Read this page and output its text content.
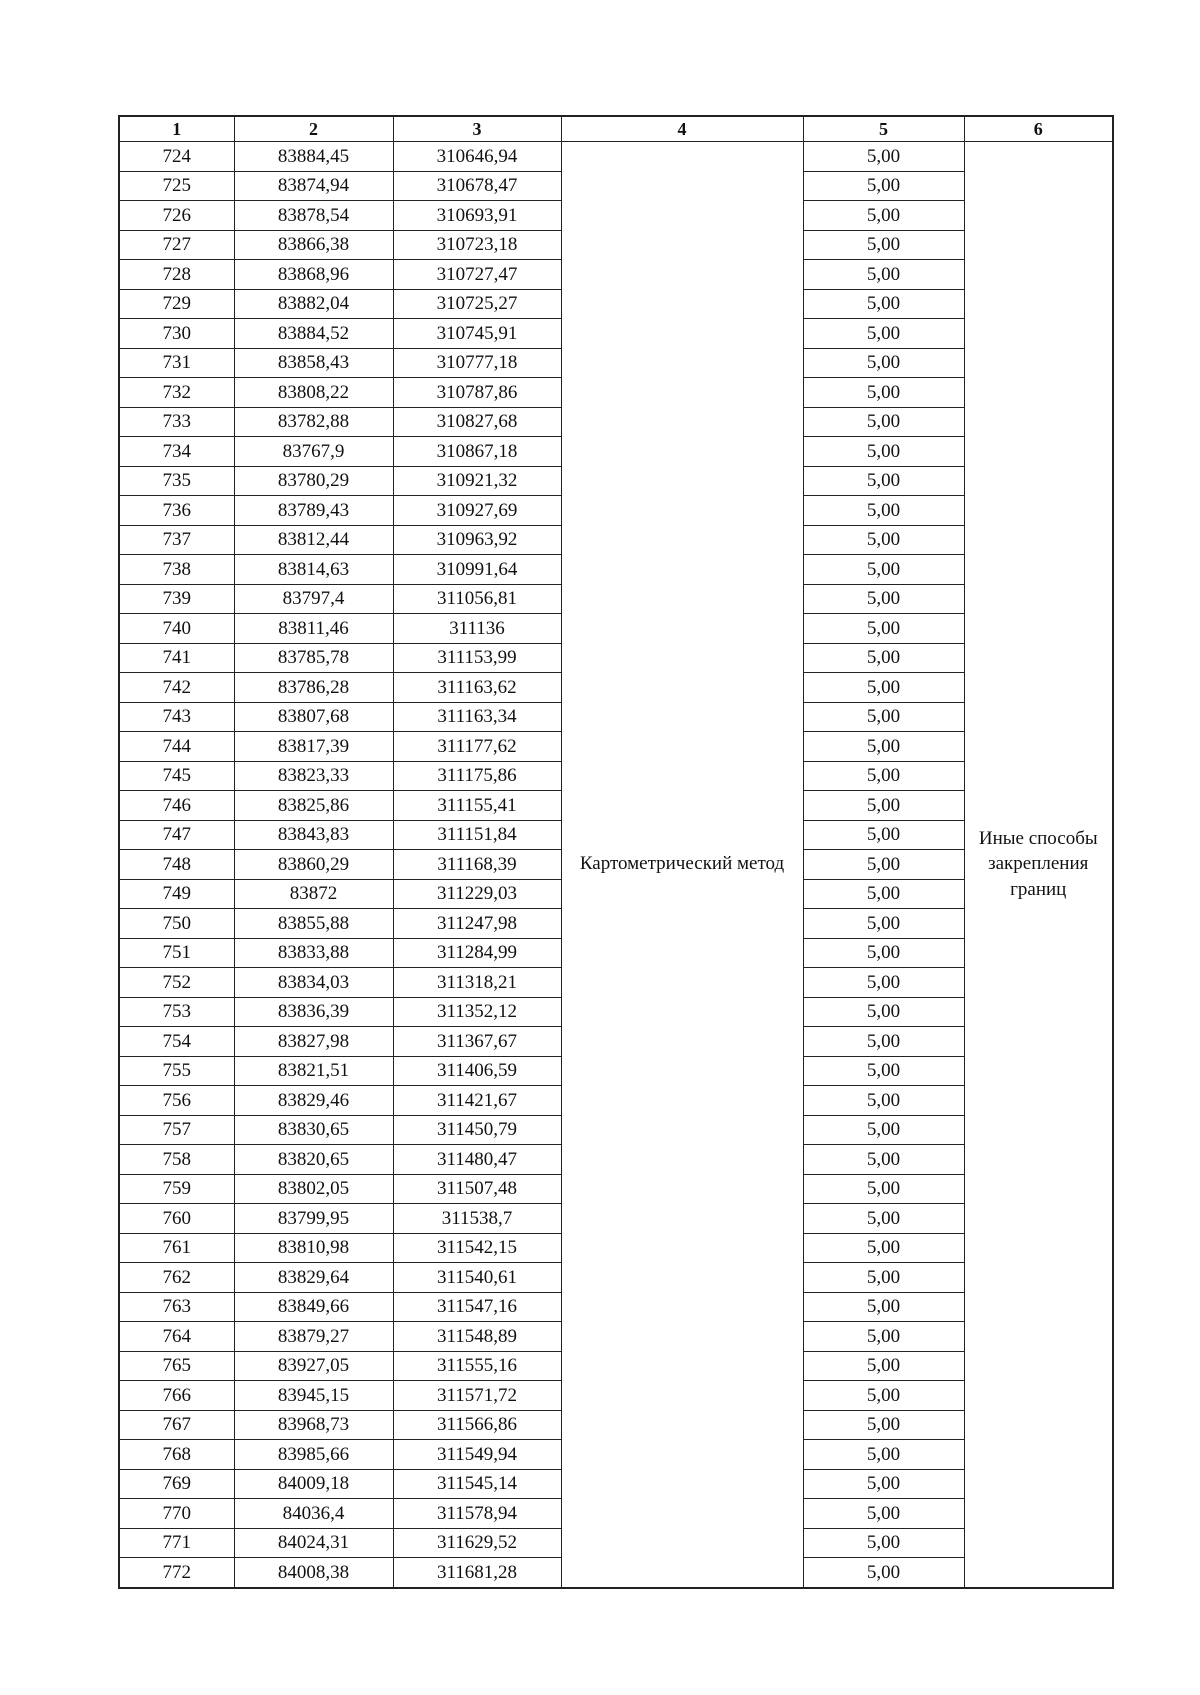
1	2	3	4	5	6
724	83884,45	310646,94	Картометрический метод	5,00	Иные способы закрепления границ
725	83874,94	310678,47		5,00	
726	83878,54	310693,91		5,00	
727	83866,38	310723,18		5,00	
728	83868,96	310727,47		5,00	
729	83882,04	310725,27		5,00	
730	83884,52	310745,91		5,00	
731	83858,43	310777,18		5,00	
732	83808,22	310787,86		5,00	
733	83782,88	310827,68		5,00	
734	83767,9	310867,18		5,00	
735	83780,29	310921,32		5,00	
736	83789,43	310927,69		5,00	
737	83812,44	310963,92		5,00	
738	83814,63	310991,64		5,00	
739	83797,4	311056,81		5,00	
740	83811,46	311136		5,00	
741	83785,78	311153,99		5,00	
742	83786,28	311163,62		5,00	
743	83807,68	311163,34		5,00	
744	83817,39	311177,62		5,00	
745	83823,33	311175,86		5,00	
746	83825,86	311155,41		5,00	
747	83843,83	311151,84		5,00	
748	83860,29	311168,39		5,00	
749	83872	311229,03		5,00	
750	83855,88	311247,98		5,00	
751	83833,88	311284,99		5,00	
752	83834,03	311318,21		5,00	
753	83836,39	311352,12		5,00	
754	83827,98	311367,67		5,00	
755	83821,51	311406,59		5,00	
756	83829,46	311421,67		5,00	
757	83830,65	311450,79		5,00	
758	83820,65	311480,47		5,00	
759	83802,05	311507,48		5,00	
760	83799,95	311538,7		5,00	
761	83810,98	311542,15		5,00	
762	83829,64	311540,61		5,00	
763	83849,66	311547,16		5,00	
764	83879,27	311548,89		5,00	
765	83927,05	311555,16		5,00	
766	83945,15	311571,72		5,00	
767	83968,73	311566,86		5,00	
768	83985,66	311549,94		5,00	
769	84009,18	311545,14		5,00	
770	84036,4	311578,94		5,00	
771	84024,31	311629,52		5,00	
772	84008,38	311681,28		5,00	
